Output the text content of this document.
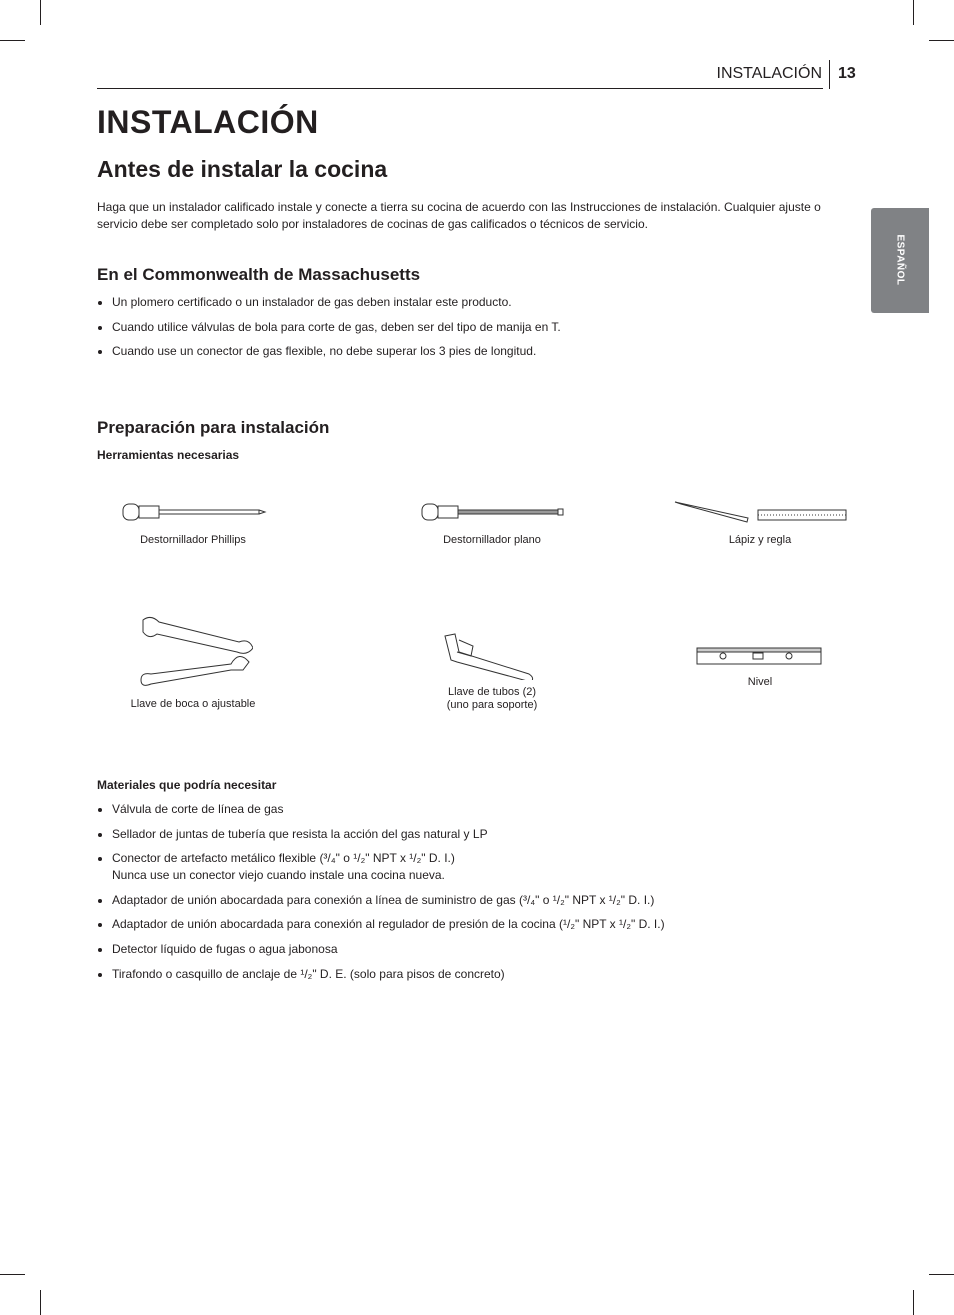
INSTALACIÓN 13
ESPAÑOL
INSTALACIÓN
Antes de instalar la cocina
Haga que un instalador calificado instale y conecte a tierra su cocina de acuerdo con las Instrucciones de instalación. Cualquier ajuste o servicio debe ser completado solo por instaladores de cocinas de gas calificados o técnicos de servicio.
En el Commonwealth de Massachusetts
Un plomero certificado o un instalador de gas deben instalar este producto.
Cuando utilice válvulas de bola para corte de gas, deben ser del tipo de manija en T.
Cuando use un conector de gas flexible, no debe superar los 3 pies de longitud.
Preparación para instalación
Herramientas necesarias
Destornillador Phillips	Destornillador plano	Lápiz y regla
Llave de boca o ajustable
Llave de tubos (2)
(uno para soporte)
Nivel
Materiales que podría necesitar
Válvula de corte de línea de gas
Sellador de juntas de tubería que resista la acción del gas natural y LP
Conector de artefacto metálico flexible (³/₄" o ¹/₂" NPT x ¹/₂" D. I.)
Nunca use un conector viejo cuando instale una cocina nueva.
Adaptador de unión abocardada para conexión a línea de suministro de gas (³/₄" o ¹/₂" NPT x ¹/₂" D. I.)
Adaptador de unión abocardada para conexión al regulador de presión de la cocina (¹/₂" NPT x ¹/₂" D. I.)
Detector líquido de fugas o agua jabonosa
Tirafondo o casquillo de anclaje de ¹/₂" D. E. (solo para pisos de concreto)
